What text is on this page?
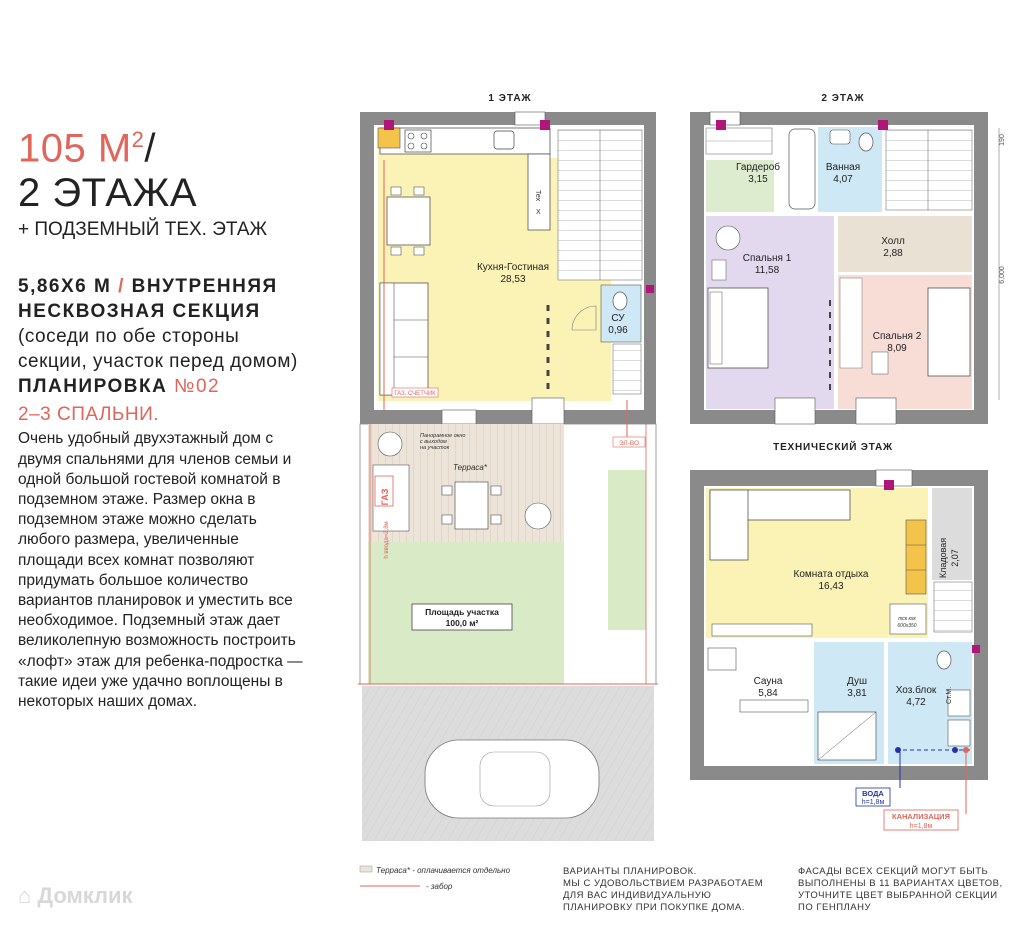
105 $М^2/$
2 ЭТАЖА
+ ПОДЗЕМНЫЙ ТЕХ. ЭТАЖ
5,86Х6 М / ВНУТРЕННЯЯ
НЕСКВОЗНАЯ СЕКЦИЯ
(соседи по обе стороны секции, участок перед домом)
ПЛАНИРОВКА №02
2–3 СПАЛЬНИ.
Очень удобный двухэтажный дом с двумя спальнями для членов семьи и одной большой гостевой комнатой в подземном этаже. Размер окна в подземном этаже можно сделать любого размера, увеличенные площади всех комнат позволяют придумать большое количество вариантов планировок и уместить все необходимое. Подземный этаж дает великолепную возможность построить «лофт» этаж для ребенка-подростка — такие идеи уже удачно воплощены в некоторых наших домах.
1 ЭТАЖ
Тех
Х
СУ
0,96
Кухня-Гостиная
28,53
ГАЗ. СЧЕТЧИК
Терраса*
Панорамное окно
с выходом
на участок
ГАЗ
h ввода=2,8м
Площадь участка
100,0 м²
ЭЛ-ВО
2 ЭТАЖ
Гардероб
3,15
Ванная
4,07
Спальня 1
11,58
Холл
2,88
Спальня 2
8,09
190
6,000
ТЕХНИЧЕСКИЙ ЭТАЖ
тск кхк
600х350
Ст.М.
Комната отдыха
16,43
Кладовая 2,07
Сауна
5,84
Душ
3,81	Хоз.блок
4,72
ВОДА
h=1,8м
КАНАЛИЗАЦИЯ
h=1,8м
Терраса* - оплачивается отдельно
- забор
ВАРИАНТЫ ПЛАНИРОВОК.
МЫ С УДОВОЛЬСТВИЕМ РАЗРАБОТАЕМ
ДЛЯ ВАС ИНДИВИДУАЛЬНУЮ
ПЛАНИРОВКУ ПРИ ПОКУПКЕ ДОМА.
ФАСАДЫ ВСЕХ СЕКЦИЙ МОГУТ БЫТЬ
ВЫПОЛНЕНЫ В 11 ВАРИАНТАХ ЦВЕТОВ,
УТОЧНИТЕ ЦВЕТ ВЫБРАННОЙ СЕКЦИИ
ПО ГЕНПЛАНУ
⌂ Домклик
